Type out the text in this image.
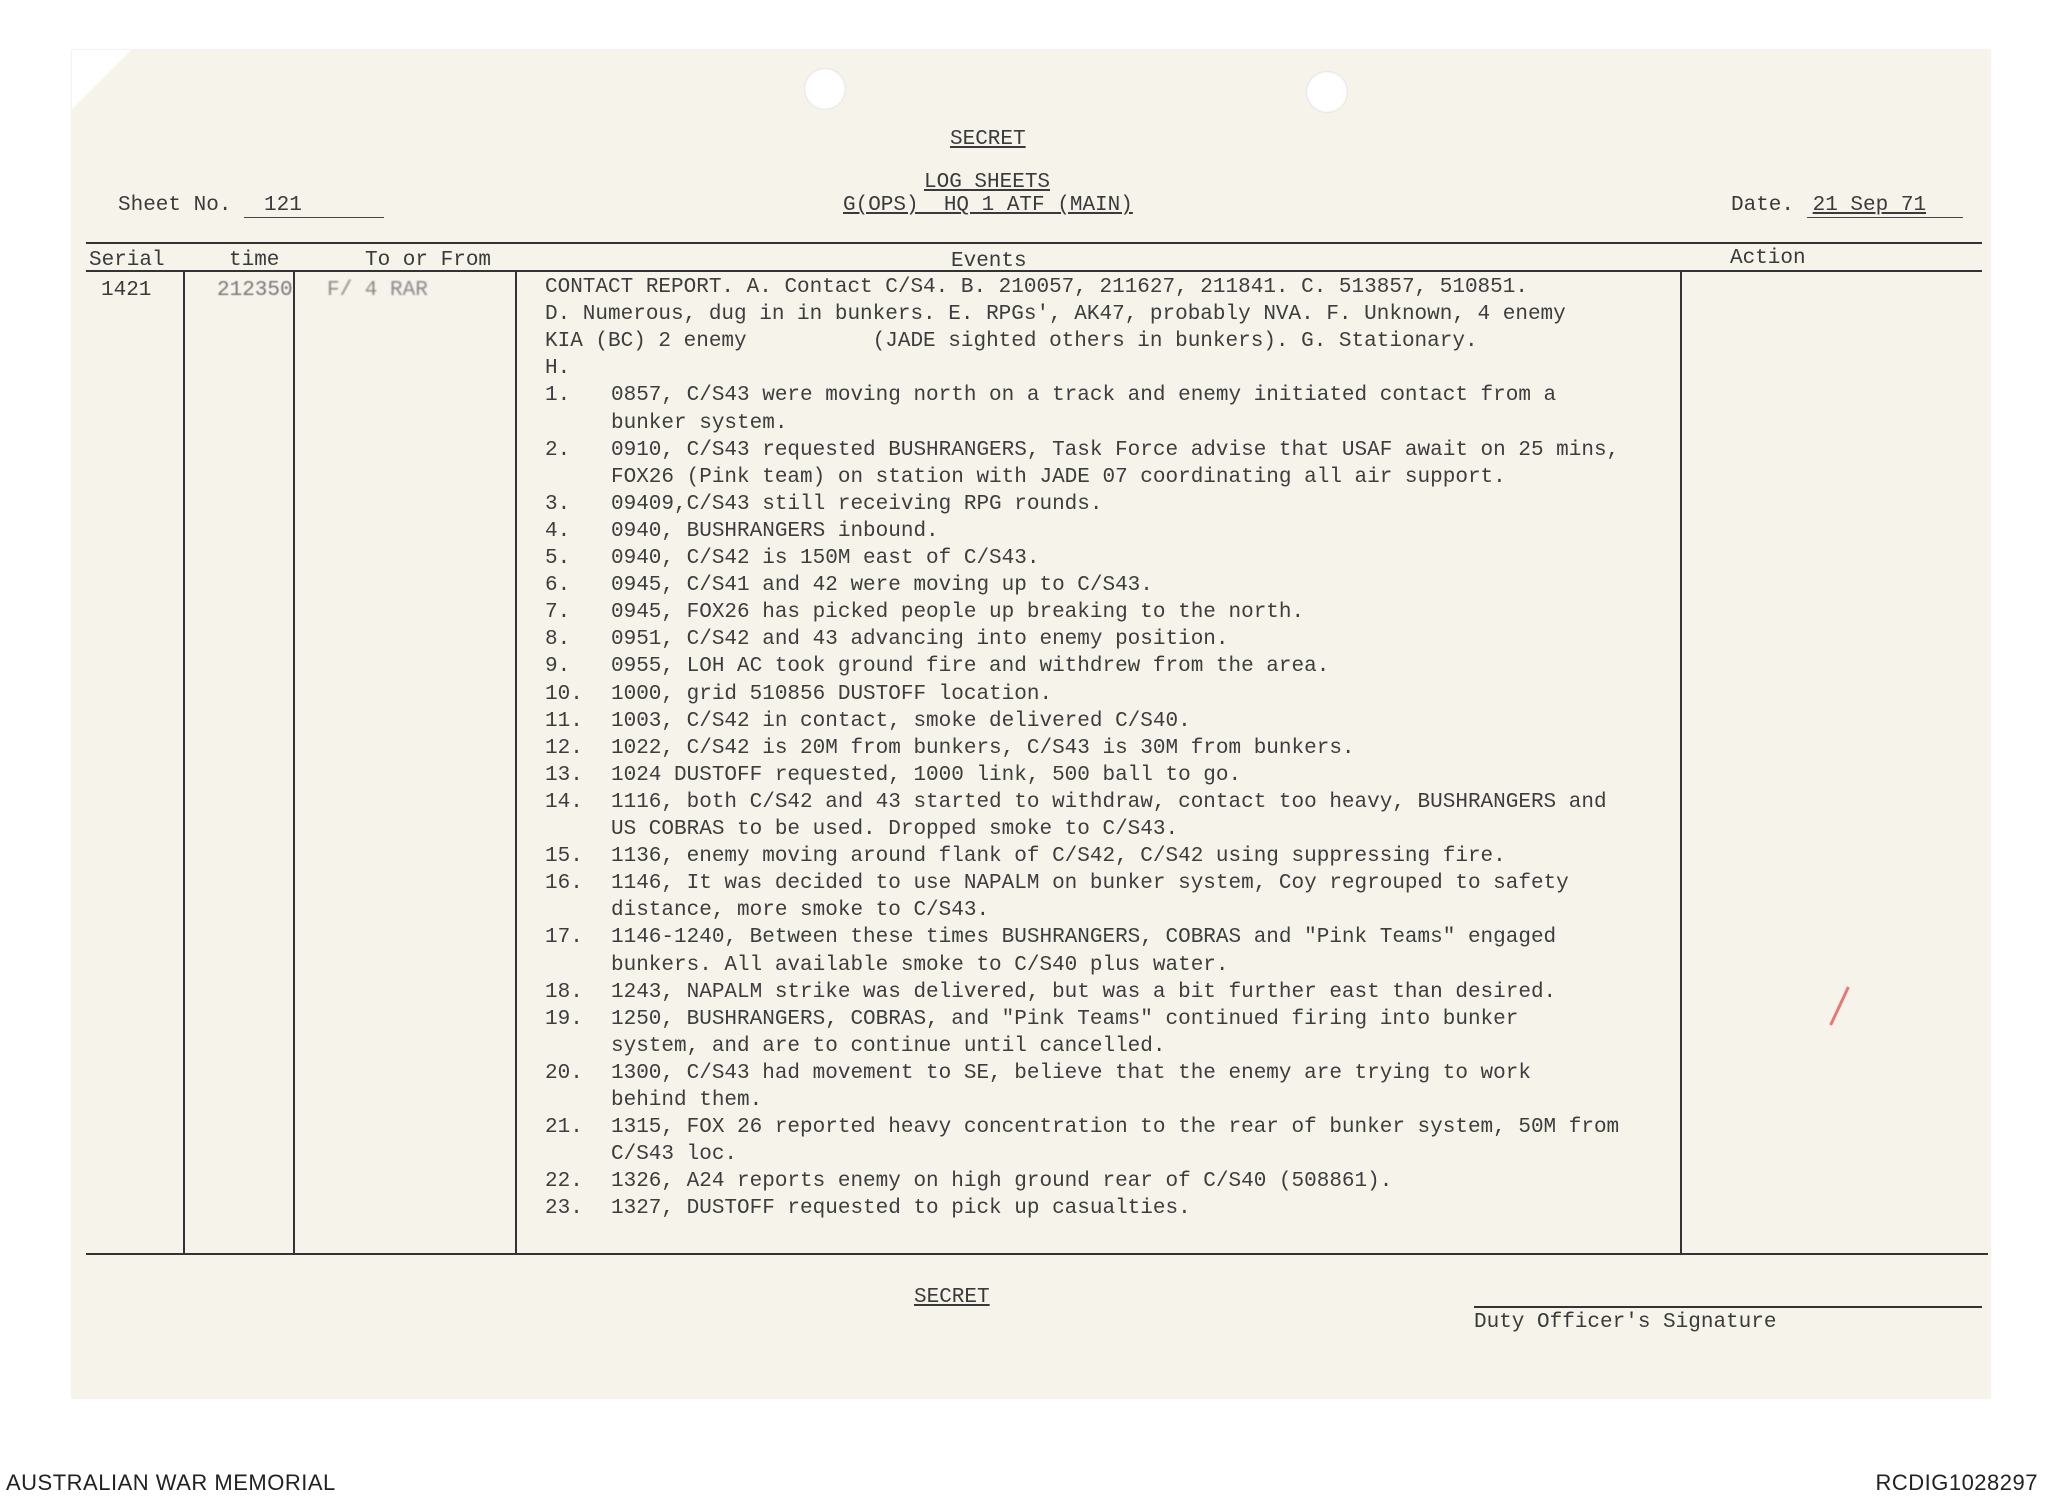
SECRET
LOG SHEETS
G(OPS)  HQ 1 ATF (MAIN)
Sheet No. 121	Date. 21 Sep 71
Serial	time	To or From	Events	Action
1421	212350 F/ 4 RAR	CONTACT REPORT. A. Contact C/S4. B. 210057, 211627, 211841. C. 513857, 510851.
D. Numerous, dug in in bunkers. E. RPGs', AK47, probably NVA. F. Unknown, 4 enemy
KIA (BC) 2 enemy          (JADE sighted others in bunkers). G. Stationary.
H.
1. 0857, C/S43 were moving north on a track and enemy initiated contact from a
bunker system.
2. 0910, C/S43 requested BUSHRANGERS, Task Force advise that USAF await on 25 mins,
FOX26 (Pink team) on station with JADE 07 coordinating all air support.
3. 09409,C/S43 still receiving RPG rounds.
4. 0940, BUSHRANGERS inbound.
5. 0940, C/S42 is 150M east of C/S43.
6. 0945, C/S41 and 42 were moving up to C/S43.
7. 0945, FOX26 has picked people up breaking to the north.
8. 0951, C/S42 and 43 advancing into enemy position.
9. 0955, LOH AC took ground fire and withdrew from the area.
10. 1000, grid 510856 DUSTOFF location.
11. 1003, C/S42 in contact, smoke delivered C/S40.
12. 1022, C/S42 is 20M from bunkers, C/S43 is 30M from bunkers.
13. 1024 DUSTOFF requested, 1000 link, 500 ball to go.
14. 1116, both C/S42 and 43 started to withdraw, contact too heavy, BUSHRANGERS and
US COBRAS to be used. Dropped smoke to C/S43.
15. 1136, enemy moving around flank of C/S42, C/S42 using suppressing fire.
16. 1146, It was decided to use NAPALM on bunker system, Coy regrouped to safety
distance, more smoke to C/S43.
17. 1146-1240, Between these times BUSHRANGERS, COBRAS and "Pink Teams" engaged
bunkers. All available smoke to C/S40 plus water.
18. 1243, NAPALM strike was delivered, but was a bit further east than desired.
19. 1250, BUSHRANGERS, COBRAS, and "Pink Teams" continued firing into bunker
system, and are to continue until cancelled.
20. 1300, C/S43 had movement to SE, believe that the enemy are trying to work
behind them.
21. 1315, FOX 26 reported heavy concentration to the rear of bunker system, 50M from
C/S43 loc.
22. 1326, A24 reports enemy on high ground rear of C/S40 (508861).
23. 1327, DUSTOFF requested to pick up casualties.
SECRET
Duty Officer's Signature
AUSTRALIAN WAR MEMORIAL	RCDIG1028297
